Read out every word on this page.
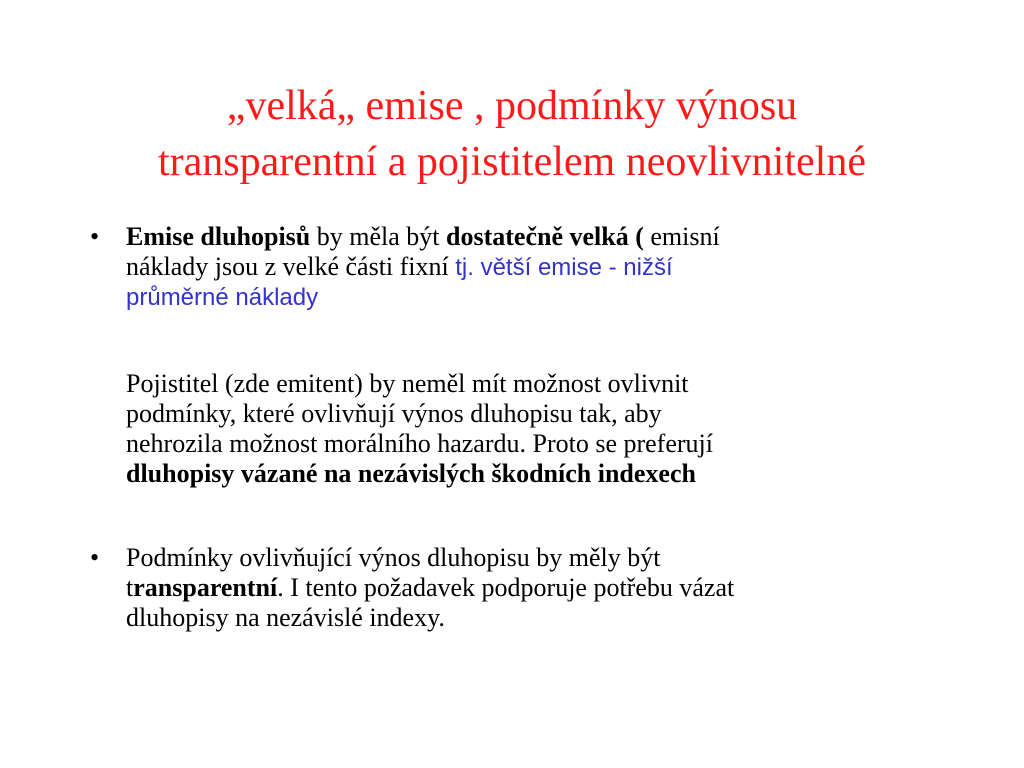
„velká„ emise , podmínky výnosu
transparentní a pojistitelem neovlivnitelné
• Emise dluhopisů by měla být dostatečně velká ( emisní
náklady jsou z velké části fixní tj. větší emise - nižší
průměrné náklady
Pojistitel (zde emitent) by neměl mít možnost ovlivnit
podmínky, které ovlivňují výnos dluhopisu tak, aby
nehrozila možnost morálního hazardu. Proto se preferují
dluhopisy vázané na nezávislých škodních indexech
• Podmínky ovlivňující výnos dluhopisu by měly být
transparentní. I tento požadavek podporuje potřebu vázat
dluhopisy na nezávislé indexy.
